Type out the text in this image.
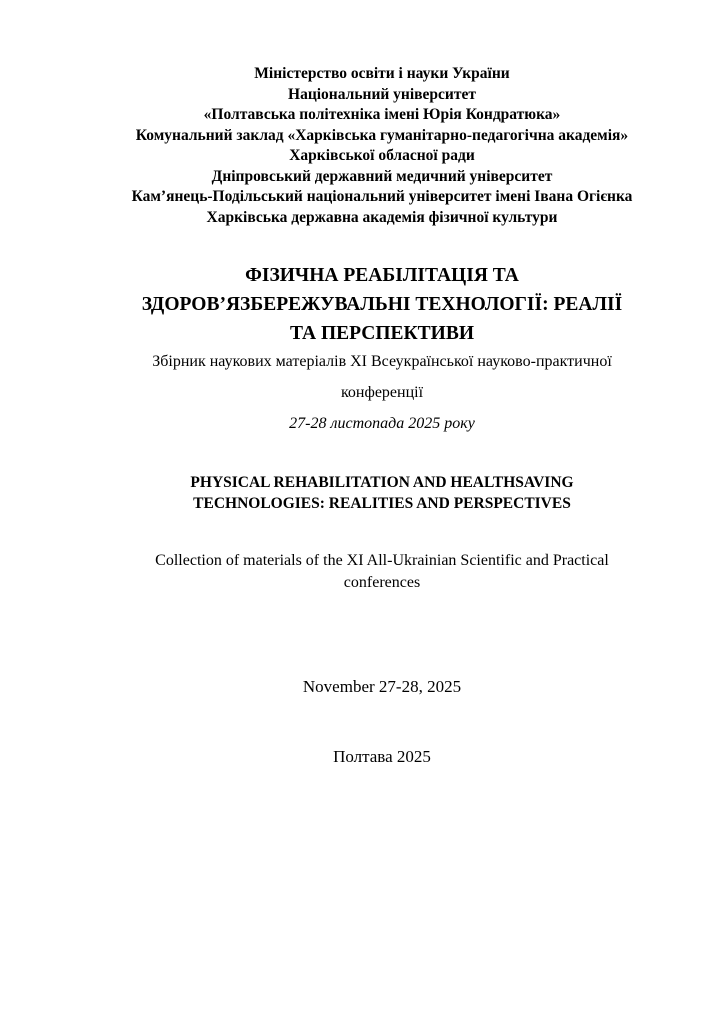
Міністерство освіти і науки України
Національний університет
«Полтавська політехніка імені Юрія Кондратюка»
Комунальний заклад «Харківська гуманітарно-педагогічна академія»
Харківської обласної ради
Дніпровський державний медичний університет
Кам’янець-Подільський національний університет імені Івана Огієнка
Харківська державна академія фізичної культури
ФІЗИЧНА РЕАБІЛІТАЦІЯ ТА
ЗДОРОВ’ЯЗБЕРЕЖУВАЛЬНІ ТЕХНОЛОГІЇ: РЕАЛІЇ
ТА ПЕРСПЕКТИВИ
Збірник наукових матеріалів ХІ Всеукраїнської науково-практичної
конференції
27-28 листопада 2025 року
PHYSICAL REHABILITATION AND HEALTHSAVING
TECHNOLOGIES: REALITIES AND PERSPECTIVES
Collection of materials of the XI All-Ukrainian Scientific and Practical
conferences
November 27-28, 2025
Полтава 2025
